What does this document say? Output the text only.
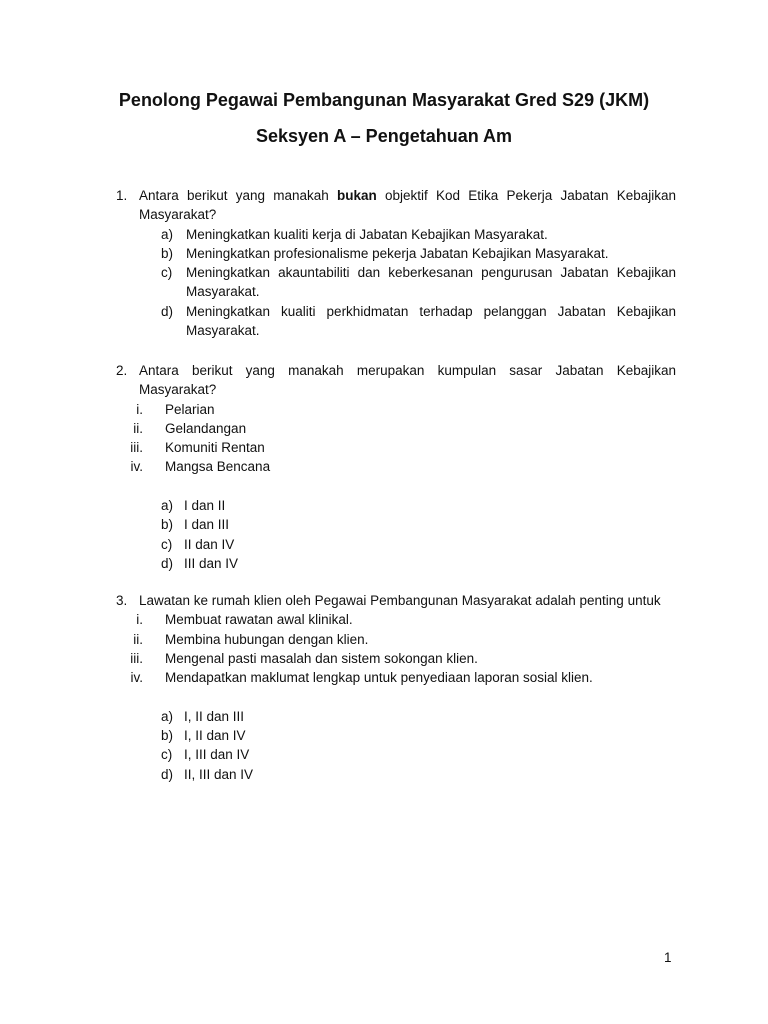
Penolong Pegawai Pembangunan Masyarakat Gred S29 (JKM)
Seksyen A – Pengetahuan Am
1. Antara berikut yang manakah bukan objektif Kod Etika Pekerja Jabatan Kebajikan Masyarakat?
a) Meningkatkan kualiti kerja di Jabatan Kebajikan Masyarakat.
b) Meningkatkan profesionalisme pekerja Jabatan Kebajikan Masyarakat.
c)	Meningkatkan akauntabiliti dan keberkesanan pengurusan Jabatan Kebajikan Masyarakat.
d) Meningkatkan kualiti perkhidmatan terhadap pelanggan Jabatan Kebajikan Masyarakat.
2. Antara berikut yang manakah merupakan kumpulan sasar Jabatan Kebajikan Masyarakat?
i.	Pelarian
ii.	Gelandangan
iii.	Komuniti Rentan
iv.	Mangsa Bencana
a) I dan II
b) I dan III
c) II dan IV
d) III dan IV
3. Lawatan ke rumah klien oleh Pegawai Pembangunan Masyarakat adalah penting untuk
i.	Membuat rawatan awal klinikal.
ii.	Membina hubungan dengan klien.
iii.	Mengenal pasti masalah dan sistem sokongan klien.
iv.	Mendapatkan maklumat lengkap untuk penyediaan laporan sosial klien.
a) I, II dan III
b) I, II dan IV
c) I, III dan IV
d) II, III dan IV
1
